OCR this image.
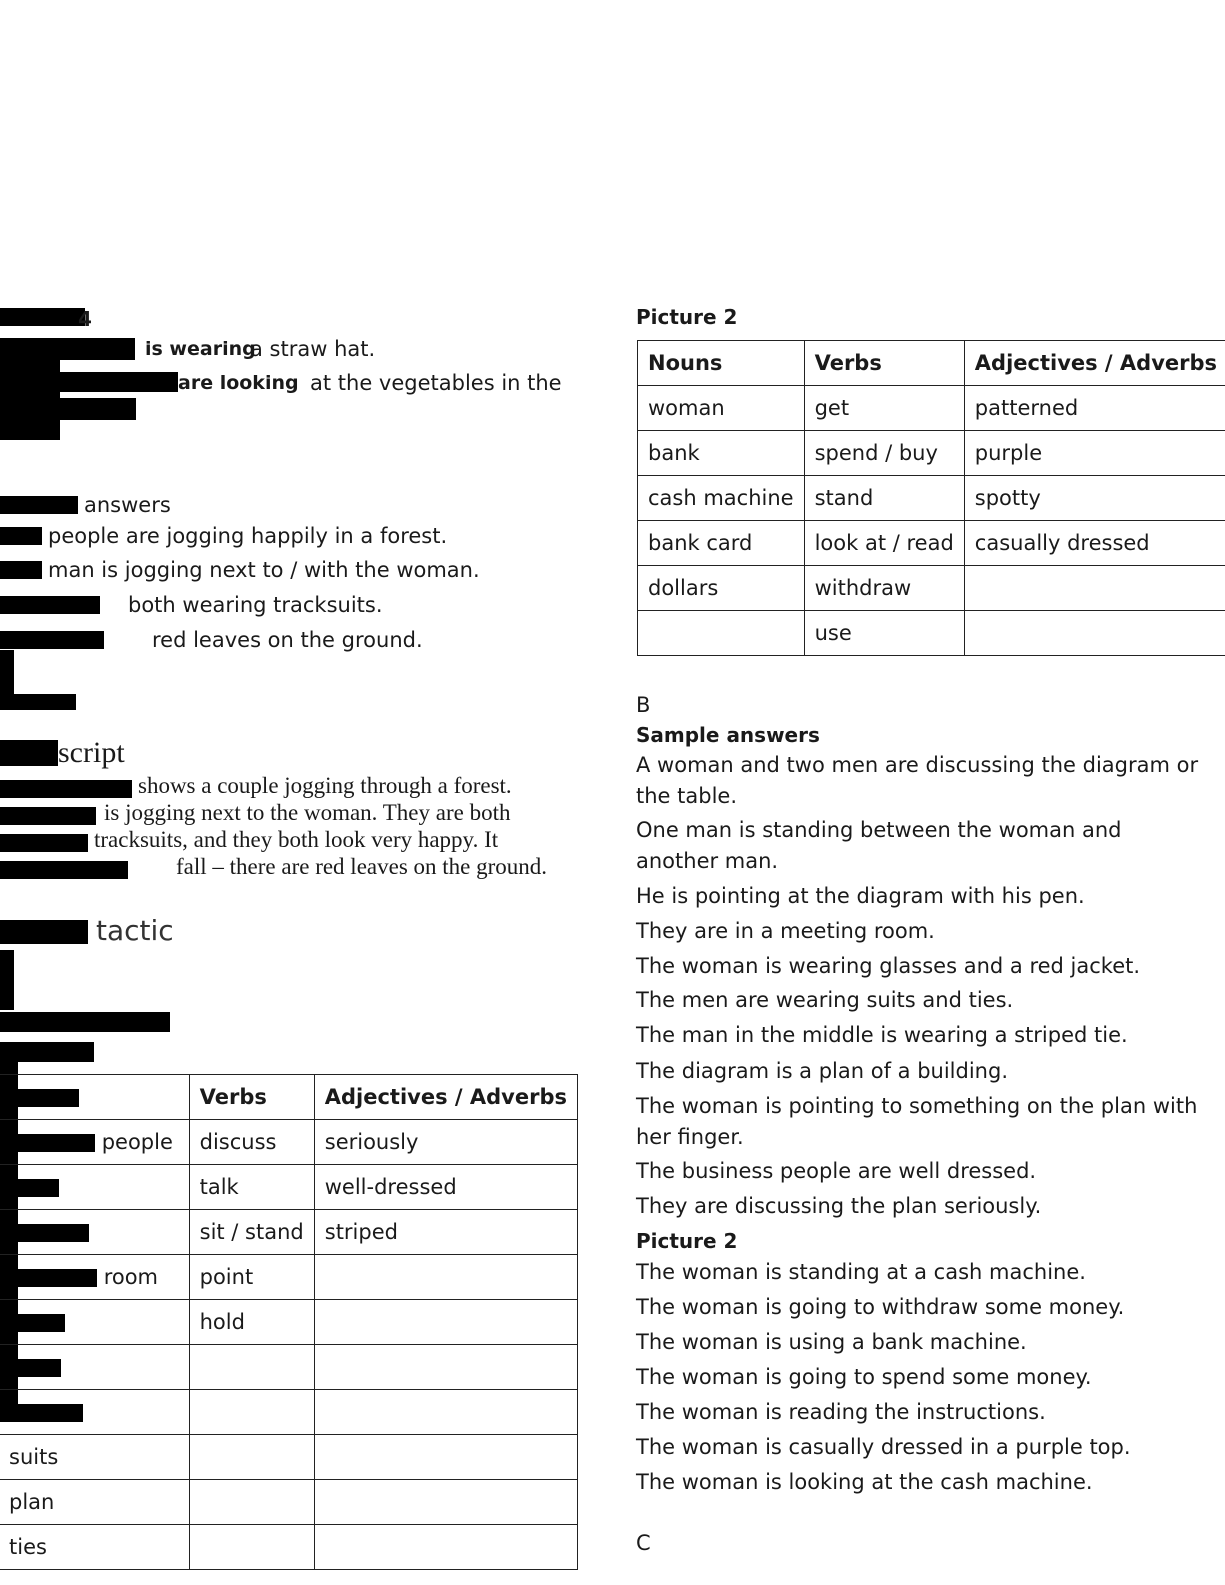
4
is wearing
a straw hat.
are looking at the vegetables in the
answers
people are jogging happily in a forest.
man is jogging next to / with the woman.
both wearing tracksuits.
red leaves on the ground.
script
shows a couple jogging through a forest.
is jogging next to the woman. They are both
tracksuits, and they both look very happy. It
fall – there are red leaves on the ground.
tactic
	Verbs	Adjectives / Adverbs
people	discuss	seriously
	talk	well-dressed
	sit / stand	striped
room	point	
	hold	

suits		
plan		
ties		
Picture 2
Nouns	Verbs	Adjectives / Adverbs
woman	get	patterned
bank	spend / buy	purple
cash machine	stand	spotty
bank card	look at / read	casually dressed
dollars	withdraw	
	use	
B
Sample answers
A woman and two men are discussing the diagram or
the table.
One man is standing between the woman and
another man.
He is pointing at the diagram with his pen.
They are in a meeting room.
The woman is wearing glasses and a red jacket.
The men are wearing suits and ties.
The man in the middle is wearing a striped tie.
The diagram is a plan of a building.
The woman is pointing to something on the plan with
her finger.
The business people are well dressed.
They are discussing the plan seriously.
Picture 2
The woman is standing at a cash machine.
The woman is going to withdraw some money.
The woman is using a bank machine.
The woman is going to spend some money.
The woman is reading the instructions.
The woman is casually dressed in a purple top.
The woman is looking at the cash machine.
C
